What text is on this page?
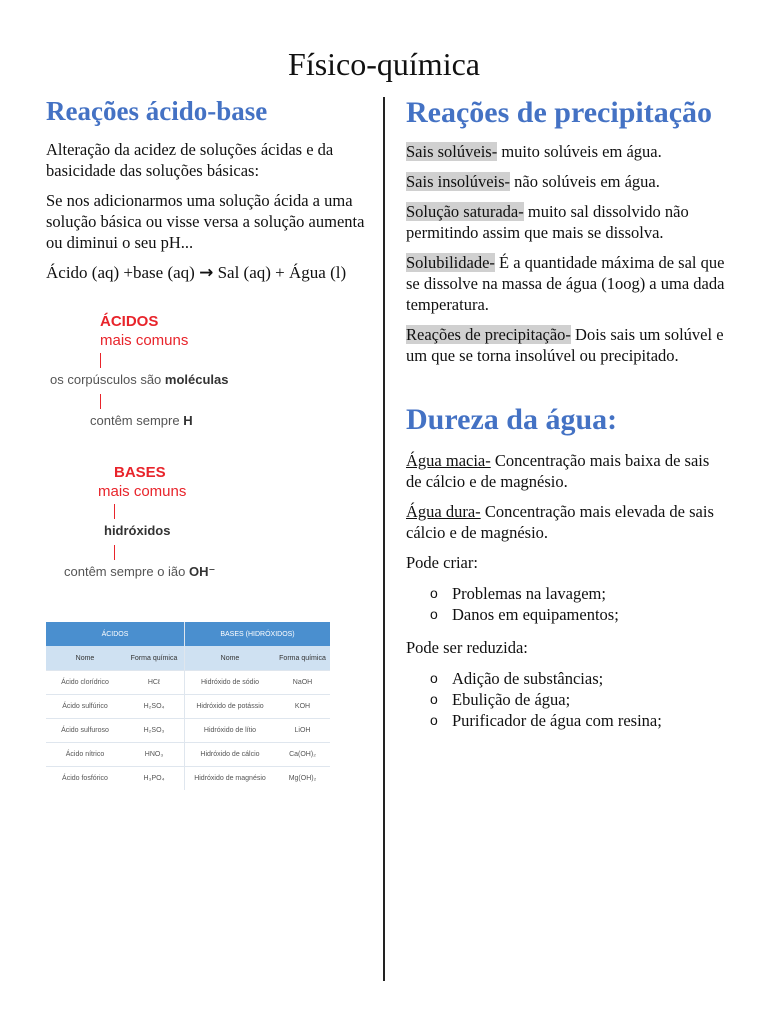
Físico-química
Reações ácido-base

Alteração da acidez de soluções ácidas e da basicidade das soluções básicas:

Se nos adicionarmos uma solução ácida a uma solução básica ou visse versa a solução aumenta ou diminui o seu pH...

Ácido (aq) +base (aq) → Sal (aq) + Água (l)

ÁCIDOS
mais comuns
os corpúsculos são moléculas
contêm sempre H
BASES
mais comuns
hidróxidos
contêm sempre o ião OH⁻
ÁCIDOS		BASES (HIDRÓXIDOS)	
Nome	Forma química	Nome	Forma química
Ácido clorídrico	HCℓ	Hidróxido de sódio	NaOH
Ácido sulfúrico	H₂SO₄	Hidróxido de potássio	KOH
Ácido sulfuroso	H₂SO₃	Hidróxido de lítio	LiOH
Ácido nítrico	HNO₃	Hidróxido de cálcio	Ca(OH)₂
Ácido fosfórico	H₃PO₄	Hidróxido de magnésio	Mg(OH)₂
Reações de precipitação

Sais solúveis- muito solúveis em água.

Sais insolúveis- não solúveis em água.

Solução saturada- muito sal dissolvido não permitindo assim que mais se dissolva.

Solubilidade- É a quantidade máxima de sal que se dissolve na massa de água (1oog) a uma dada temperatura.

Reações de precipitação- Dois sais um solúvel e um que se torna insolúvel ou precipitado.

Dureza da água:

Água macia- Concentração mais baixa de sais de cálcio e de magnésio.

Água dura- Concentração mais elevada de sais cálcio e de magnésio.

Pode criar:

o Problemas na lavagem;
o Danos em equipamentos;

Pode ser reduzida:

o Adição de substâncias;
o Ebulição de água;
o Purificador de água com resina;
